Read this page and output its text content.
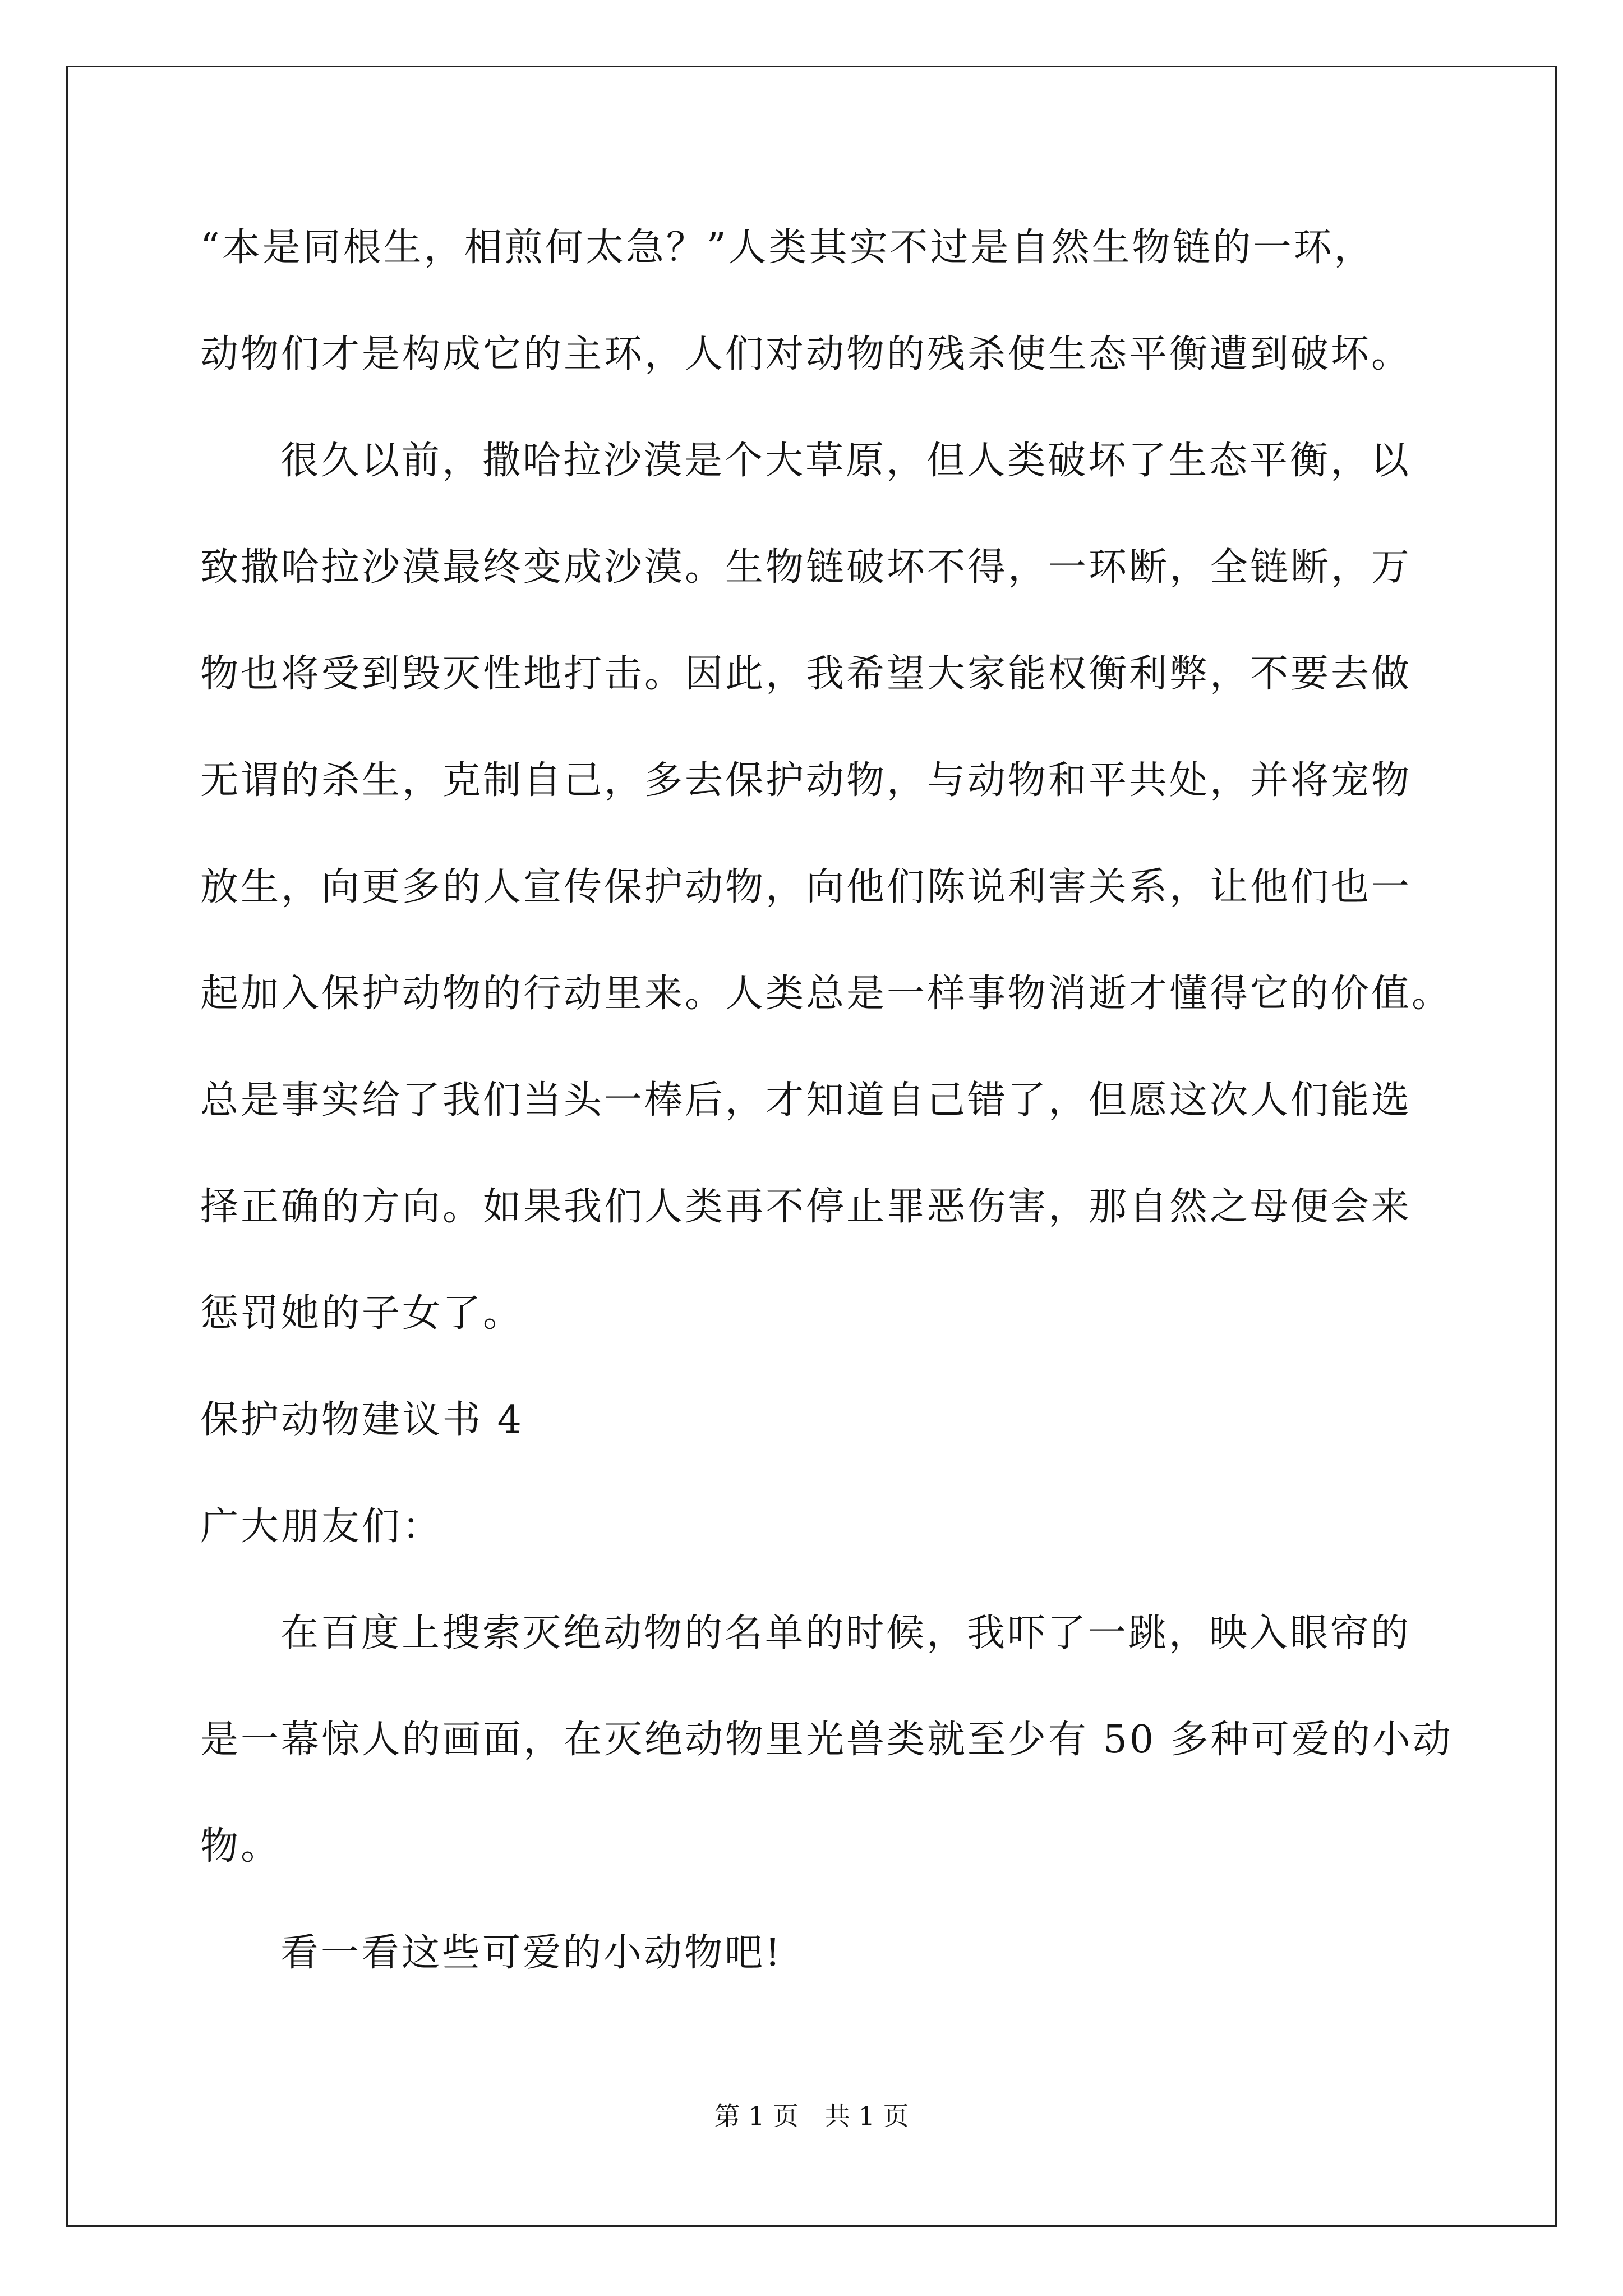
“本是同根生，相煎何太急？”人类其实不过是自然生物链的一环，
动物们才是构成它的主环，人们对动物的残杀使生态平衡遭到破坏。
很久以前，撒哈拉沙漠是个大草原，但人类破坏了生态平衡，以
致撒哈拉沙漠最终变成沙漠。生物链破坏不得，一环断，全链断，万
物也将受到毁灭性地打击。因此，我希望大家能权衡利弊，不要去做
无谓的杀生，克制自己，多去保护动物，与动物和平共处，并将宠物
放生，向更多的人宣传保护动物，向他们陈说利害关系，让他们也一
起加入保护动物的行动里来。人类总是一样事物消逝才懂得它的价值。
总是事实给了我们当头一棒后，才知道自己错了，但愿这次人们能选
择正确的方向。如果我们人类再不停止罪恶伤害，那自然之母便会来
惩罚她的子女了。
保护动物建议书 4
广大朋友们：
在百度上搜索灭绝动物的名单的时候，我吓了一跳，映入眼帘的
是一幕惊人的画面，在灭绝动物里光兽类就至少有 50 多种可爱的小动
物。
看一看这些可爱的小动物吧!
第 1 页　共 1 页
